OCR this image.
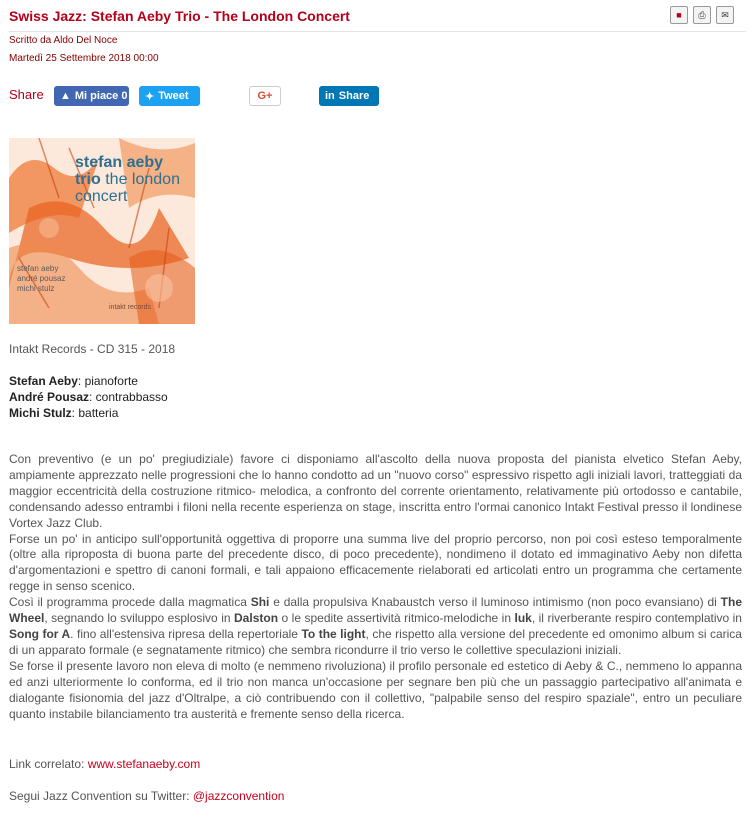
Swiss Jazz: Stefan Aeby Trio - The London Concert	■	⎙	✉
Scritto da Aldo Del Noce
Martedì 25 Settembre 2018 00:00
Share ▲ Mi piace 0 ✦ Tweet	G+	in Share
stefan aeby
trio the london
concert
stefan aeby
andré pousaz
michi stulz
intakt records
Intakt Records - CD 315 - 2018
Stefan Aeby: pianoforte
André Pousaz: contrabbasso
Michi Stulz: batteria

Con preventivo (e un po' pregiudiziale) favore ci disponiamo all'ascolto della nuova proposta del pianista elvetico Stefan Aeby, ampiamente apprezzato nelle progressioni che lo hanno condotto ad un "nuovo corso" espressivo rispetto agli iniziali lavori, tratteggiati da maggior eccentricità della costruzione ritmico- melodica, a confronto del corrente orientamento, relativamente più ortodosso e cantabile, condensando adesso entrambi i filoni nella recente esperienza on stage, inscritta entro l'ormai canonico Intakt Festival presso il londinese Vortex Jazz Club.

Forse un po' in anticipo sull'opportunità oggettiva di proporre una summa live del proprio percorso, non poi così esteso temporalmente (oltre alla riproposta di buona parte del precedente disco, di poco precedente), nondimeno il dotato ed immaginativo Aeby non difetta d'argomentazioni e spettro di canoni formali, e tali appaiono efficacemente rielaborati ed articolati entro un programma che certamente regge in senso scenico.

Così il programma procede dalla magmatica Shi e dalla propulsiva Knabaustch verso il luminoso intimismo (non poco evansiano) di The Wheel, segnando lo sviluppo esplosivo in Dalston o le spedite assertività ritmico-melodiche in luk, il riverberante respiro contemplativo in Song for A. fino all'estensiva ripresa della repertoriale To the light, che rispetto alla versione del precedente ed omonimo album si carica di un apparato formale (e segnatamente ritmico) che sembra ricondurre il trio verso le collettive speculazioni iniziali.

Se forse il presente lavoro non eleva di molto (e nemmeno rivoluziona) il profilo personale ed estetico di Aeby & C., nemmeno lo appanna ed anzi ulteriormente lo conforma, ed il trio non manca un'occasione per segnare ben più che un passaggio partecipativo all'animata e dialogante fisionomia del jazz d'Oltralpe, a ciò contribuendo con il collettivo, "palpabile senso del respiro spaziale", entro un peculiare quanto instabile bilanciamento tra austerità e fremente senso della ricerca.

Link correlato: www.stefanaeby.com
Segui Jazz Convention su Twitter: @jazzconvention
